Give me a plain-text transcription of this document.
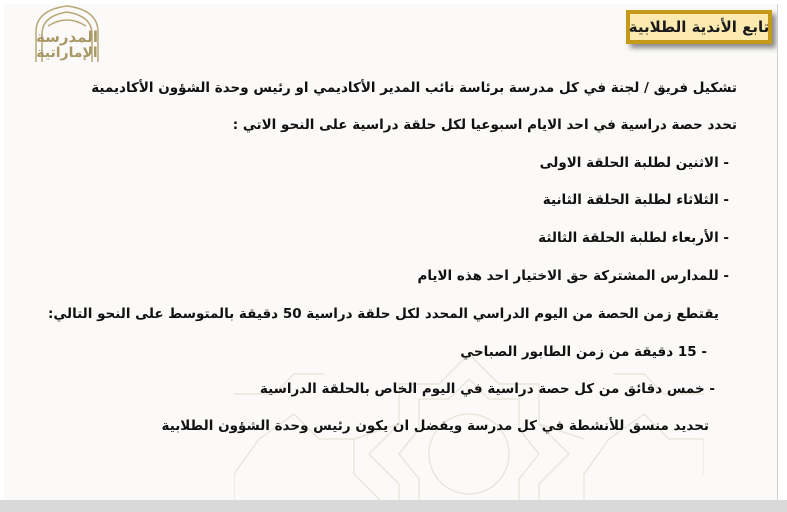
المدرسة
الإماراتية
تابع الأندية الطلابية
تشكيل فريق / لجنة في كل مدرسة برئاسة نائب المدير الأكاديمي او رئيس وحدة الشؤون الأكاديمية
تحدد حصة دراسية في احد الايام اسبوعيا لكل حلقة دراسية على النحو الاتي :
- الاثنين لطلبة الحلقة الاولى
- الثلاثاء لطلبة الحلقة الثانية
- الأربعاء لطلبة الحلقة الثالثة
- للمدارس المشتركة حق الاختيار احد هذه الايام
يقتطع زمن الحصة من اليوم الدراسي المحدد لكل حلقة دراسية 50 دقيقة بالمتوسط على النحو التالي:
- 15 دقيقة من زمن الطابور الصباحي
- خمس دقائق من كل حصة دراسية في اليوم الخاص بالحلقة الدراسية
تحديد منسق للأنشطة في كل مدرسة ويفضل ان يكون رئيس وحدة الشؤون الطلابية
